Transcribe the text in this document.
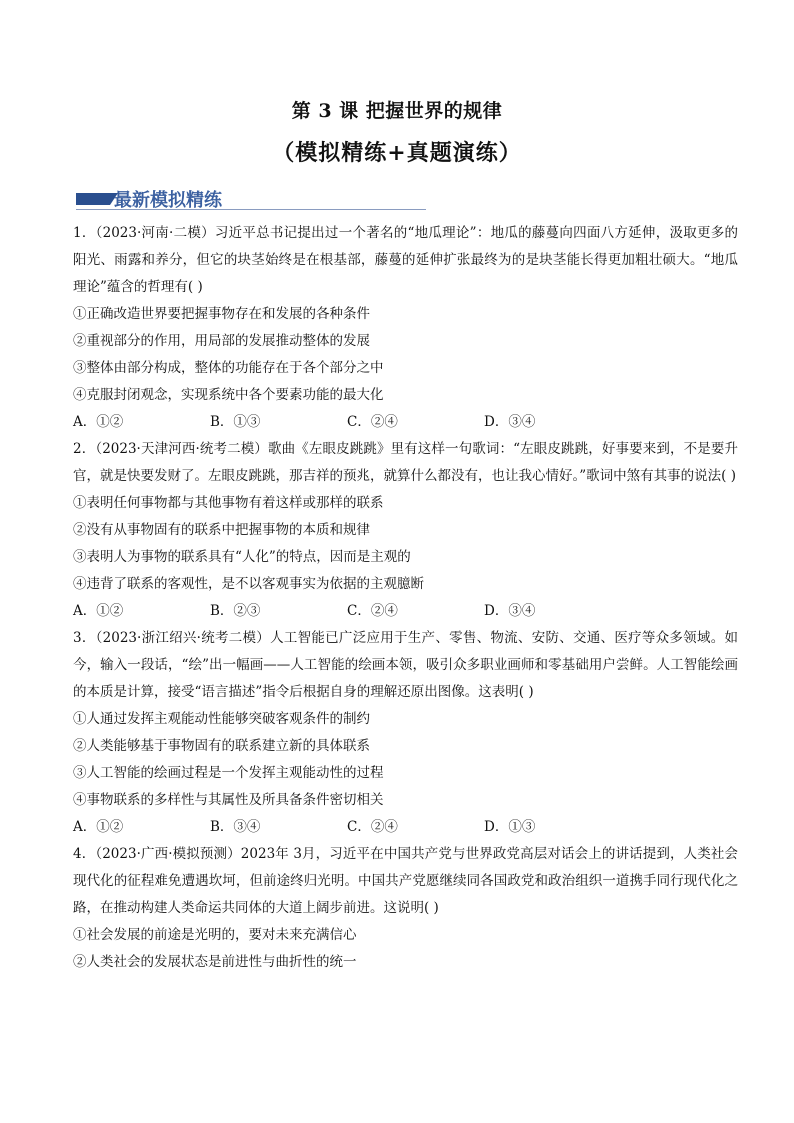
第 3 课 把握世界的规律
（模拟精练+真题演练）
最新模拟精练
1．（2023·河南·二模）习近平总书记提出过一个著名的“地瓜理论”：地瓜的藤蔓向四面八方延伸，汲取更多的阳光、雨露和养分，但它的块茎始终是在根基部，藤蔓的延伸扩张最终为的是块茎能长得更加粗壮硕大。“地瓜理论”蕴含的哲理有( )
①正确改造世界要把握事物存在和发展的各种条件
②重视部分的作用，用局部的发展推动整体的发展
③整体由部分构成，整体的功能存在于各个部分之中
④克服封闭观念，实现系统中各个要素功能的最大化
A．①②	B．①③	C．②④	D．③④
2．（2023·天津河西·统考二模）歌曲《左眼皮跳跳》里有这样一句歌词：“左眼皮跳跳，好事要来到，不是要升官，就是快要发财了。左眼皮跳跳，那吉祥的预兆，就算什么都没有，也让我心情好。”歌词中煞有其事的说法( )
①表明任何事物都与其他事物有着这样或那样的联系
②没有从事物固有的联系中把握事物的本质和规律
③表明人为事物的联系具有“人化”的特点，因而是主观的
④违背了联系的客观性，是不以客观事实为依据的主观臆断
A．①②	B．②③	C．②④	D．③④
3．（2023·浙江绍兴·统考二模）人工智能已广泛应用于生产、零售、物流、安防、交通、医疗等众多领域。如今，输入一段话，“绘”出一幅画——人工智能的绘画本领，吸引众多职业画师和零基础用户尝鲜。人工智能绘画的本质是计算，接受“语言描述”指令后根据自身的理解还原出图像。这表明( )
①人通过发挥主观能动性能够突破客观条件的制约
②人类能够基于事物固有的联系建立新的具体联系
③人工智能的绘画过程是一个发挥主观能动性的过程
④事物联系的多样性与其属性及所具备条件密切相关
A．①②	B．③④	C．②④	D．①③
4．（2023·广西·模拟预测）2023年 3月，习近平在中国共产党与世界政党高层对话会上的讲话提到，人类社会现代化的征程难免遭遇坎坷，但前途终归光明。中国共产党愿继续同各国政党和政治组织一道携手同行现代化之路，在推动构建人类命运共同体的大道上阔步前进。这说明( )
①社会发展的前途是光明的，要对未来充满信心
②人类社会的发展状态是前进性与曲折性的统一
